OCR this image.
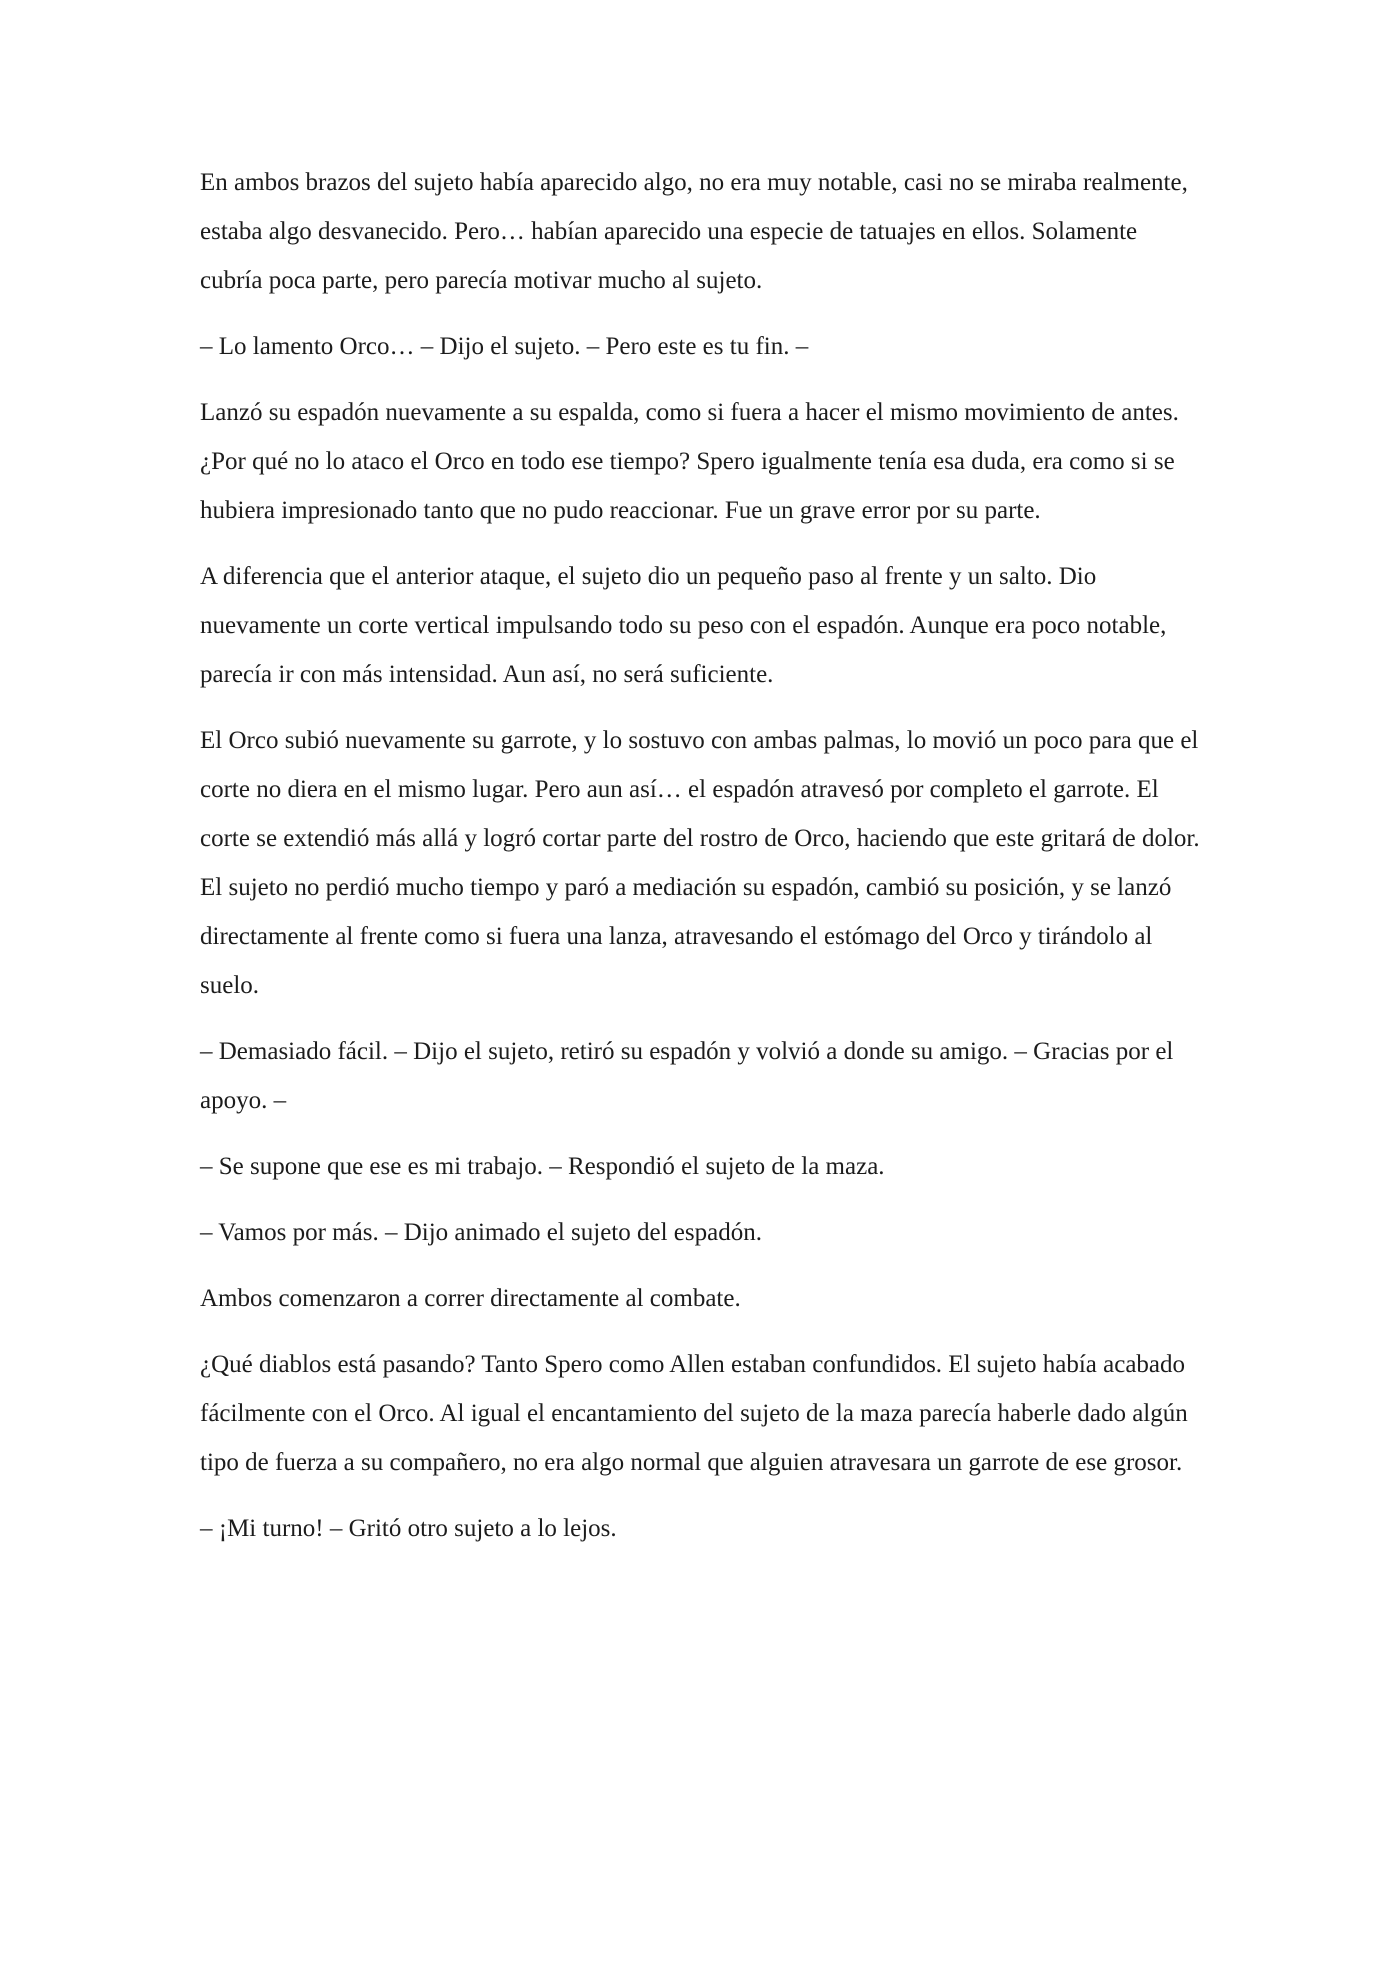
En ambos brazos del sujeto había aparecido algo, no era muy notable, casi no se miraba realmente, estaba algo desvanecido. Pero… habían aparecido una especie de tatuajes en ellos. Solamente cubría poca parte, pero parecía motivar mucho al sujeto.

– Lo lamento Orco… – Dijo el sujeto. – Pero este es tu fin. –

Lanzó su espadón nuevamente a su espalda, como si fuera a hacer el mismo movimiento de antes. ¿Por qué no lo ataco el Orco en todo ese tiempo? Spero igualmente tenía esa duda, era como si se hubiera impresionado tanto que no pudo reaccionar. Fue un grave error por su parte.

A diferencia que el anterior ataque, el sujeto dio un pequeño paso al frente y un salto. Dio nuevamente un corte vertical impulsando todo su peso con el espadón. Aunque era poco notable, parecía ir con más intensidad. Aun así, no será suficiente.

El Orco subió nuevamente su garrote, y lo sostuvo con ambas palmas, lo movió un poco para que el corte no diera en el mismo lugar. Pero aun así… el espadón atravesó por completo el garrote. El corte se extendió más allá y logró cortar parte del rostro de Orco, haciendo que este gritará de dolor. El sujeto no perdió mucho tiempo y paró a mediación su espadón, cambió su posición, y se lanzó directamente al frente como si fuera una lanza, atravesando el estómago del Orco y tirándolo al suelo.

– Demasiado fácil. – Dijo el sujeto, retiró su espadón y volvió a donde su amigo. – Gracias por el apoyo. –

– Se supone que ese es mi trabajo. – Respondió el sujeto de la maza.

– Vamos por más. – Dijo animado el sujeto del espadón.

Ambos comenzaron a correr directamente al combate.

¿Qué diablos está pasando? Tanto Spero como Allen estaban confundidos. El sujeto había acabado fácilmente con el Orco. Al igual el encantamiento del sujeto de la maza parecía haberle dado algún tipo de fuerza a su compañero, no era algo normal que alguien atravesara un garrote de ese grosor.

– ¡Mi turno! – Gritó otro sujeto a lo lejos.
